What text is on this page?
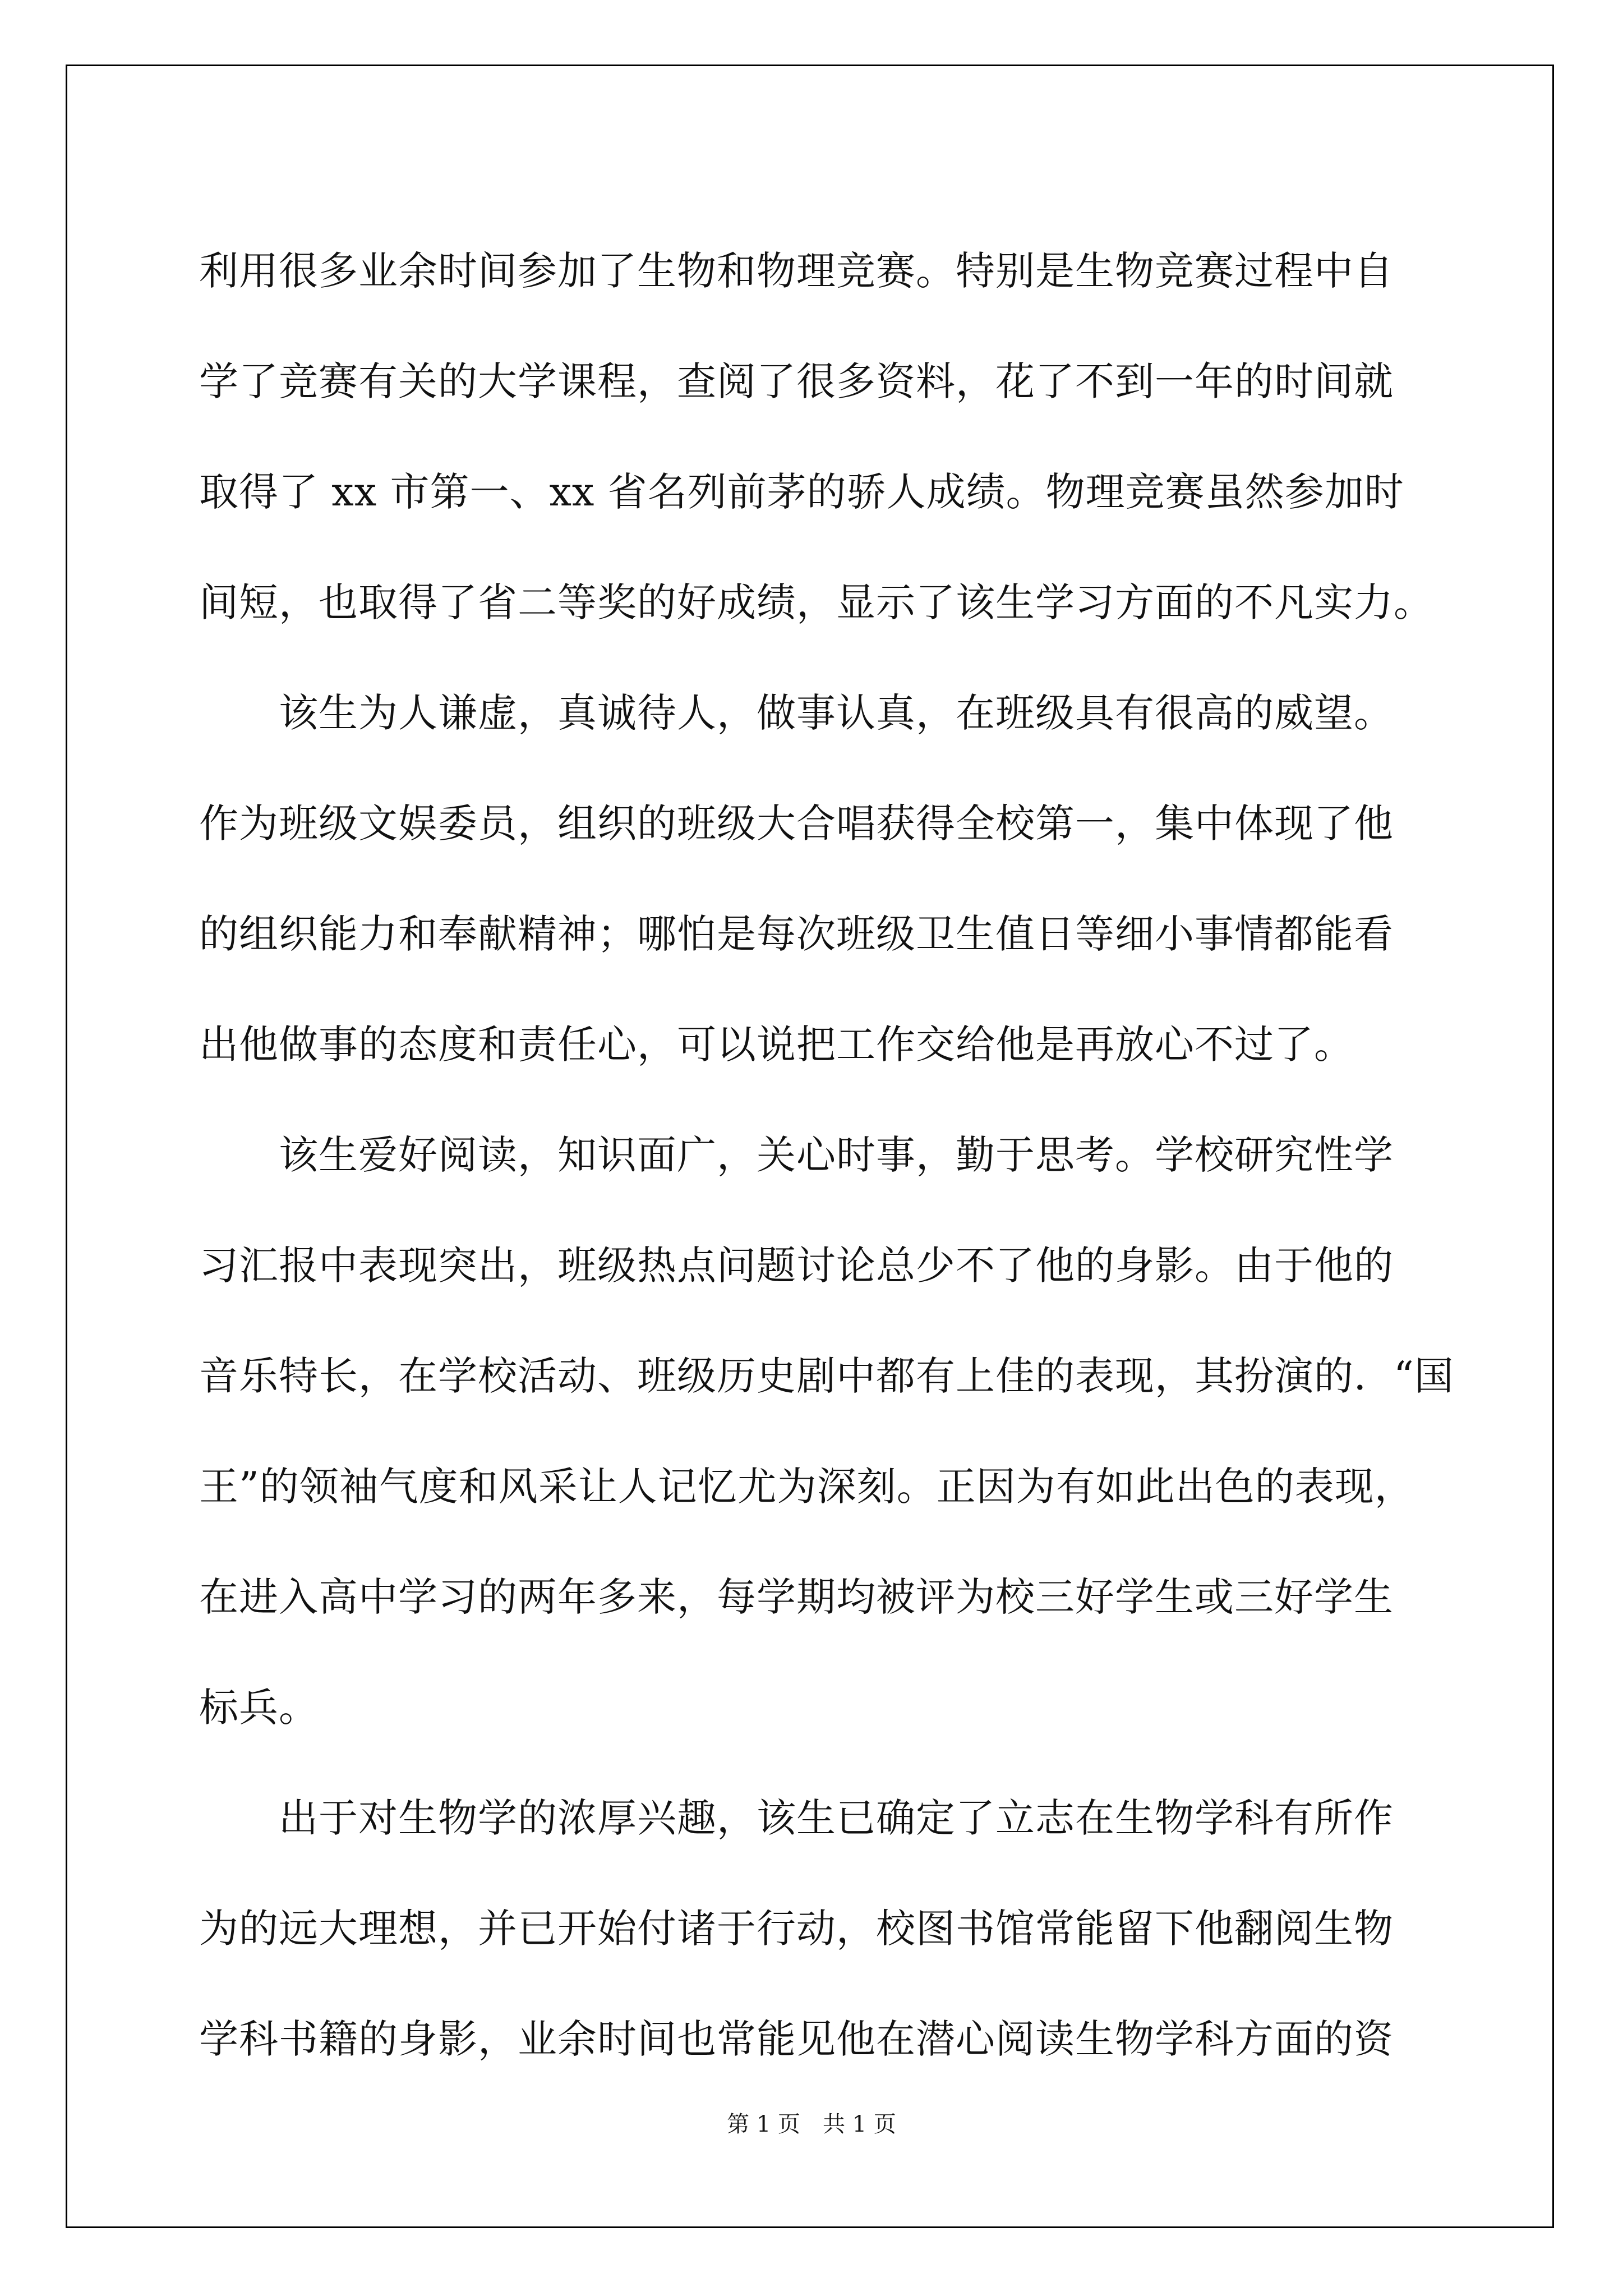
利用很多业余时间参加了生物和物理竞赛。特别是生物竞赛过程中自
学了竞赛有关的大学课程，查阅了很多资料，花了不到一年的时间就
取得了 xx 市第一、xx 省名列前茅的骄人成绩。物理竞赛虽然参加时
间短，也取得了省二等奖的好成绩，显示了该生学习方面的不凡实力。
该生为人谦虚，真诚待人，做事认真，在班级具有很高的威望。
作为班级文娱委员，组织的班级大合唱获得全校第一，集中体现了他
的组织能力和奉献精神；哪怕是每次班级卫生值日等细小事情都能看
出他做事的态度和责任心，可以说把工作交给他是再放心不过了。
该生爱好阅读，知识面广，关心时事，勤于思考。学校研究性学
习汇报中表现突出，班级热点问题讨论总少不了他的身影。由于他的
音乐特长，在学校活动、班级历史剧中都有上佳的表现，其扮演的．“国
王”的领袖气度和风采让人记忆尤为深刻。正因为有如此出色的表现，
在进入高中学习的两年多来，每学期均被评为校三好学生或三好学生
标兵。
出于对生物学的浓厚兴趣，该生已确定了立志在生物学科有所作
为的远大理想，并已开始付诸于行动，校图书馆常能留下他翻阅生物
学科书籍的身影，业余时间也常能见他在潜心阅读生物学科方面的资
第 1 页　共 1 页
